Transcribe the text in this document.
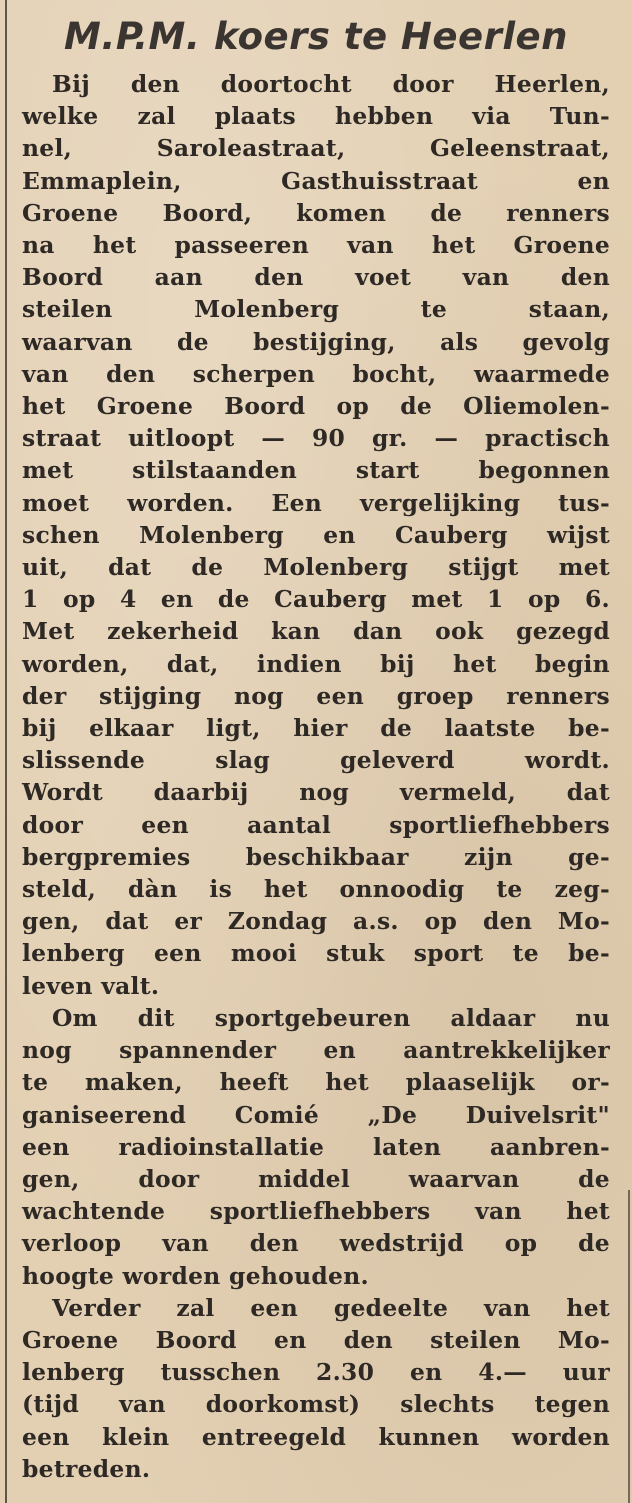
M.P.M. koers te Heerlen
Bij den doortocht door Heerlen,
welke zal plaats hebben via Tun-
nel, Saroleastraat, Geleenstraat,
Emmaplein, Gasthuisstraat en
Groene Boord, komen de renners
na het passeeren van het Groene
Boord aan den voet van den
steilen Molenberg te staan,
waarvan de bestijging, als gevolg
van den scherpen bocht, waarmede
het Groene Boord op de Oliemolen-
straat uitloopt — 90 gr. — practisch
met stilstaanden start begonnen
moet worden. Een vergelijking tus-
schen Molenberg en Cauberg wijst
uit, dat de Molenberg stijgt met
1 op 4 en de Cauberg met 1 op 6.
Met zekerheid kan dan ook gezegd
worden, dat, indien bij het begin
der stijging nog een groep renners
bij elkaar ligt, hier de laatste be-
slissende slag geleverd wordt.
Wordt daarbij nog vermeld, dat
door een aantal sportliefhebbers
bergpremies beschikbaar zijn ge-
steld, dàn is het onnoodig te zeg-
gen, dat er Zondag a.s. op den Mo-
lenberg een mooi stuk sport te be-
leven valt.
Om dit sportgebeuren aldaar nu
nog spannender en aantrekkelijker
te maken, heeft het plaaselijk or-
ganiseerend Comié „De Duivelsrit"
een radioinstallatie laten aanbren-
gen, door middel waarvan de
wachtende sportliefhebbers van het
verloop van den wedstrijd op de
hoogte worden gehouden.
Verder zal een gedeelte van het
Groene Boord en den steilen Mo-
lenberg tusschen 2.30 en 4.— uur
(tijd van doorkomst) slechts tegen
een klein entreegeld kunnen worden
betreden.
